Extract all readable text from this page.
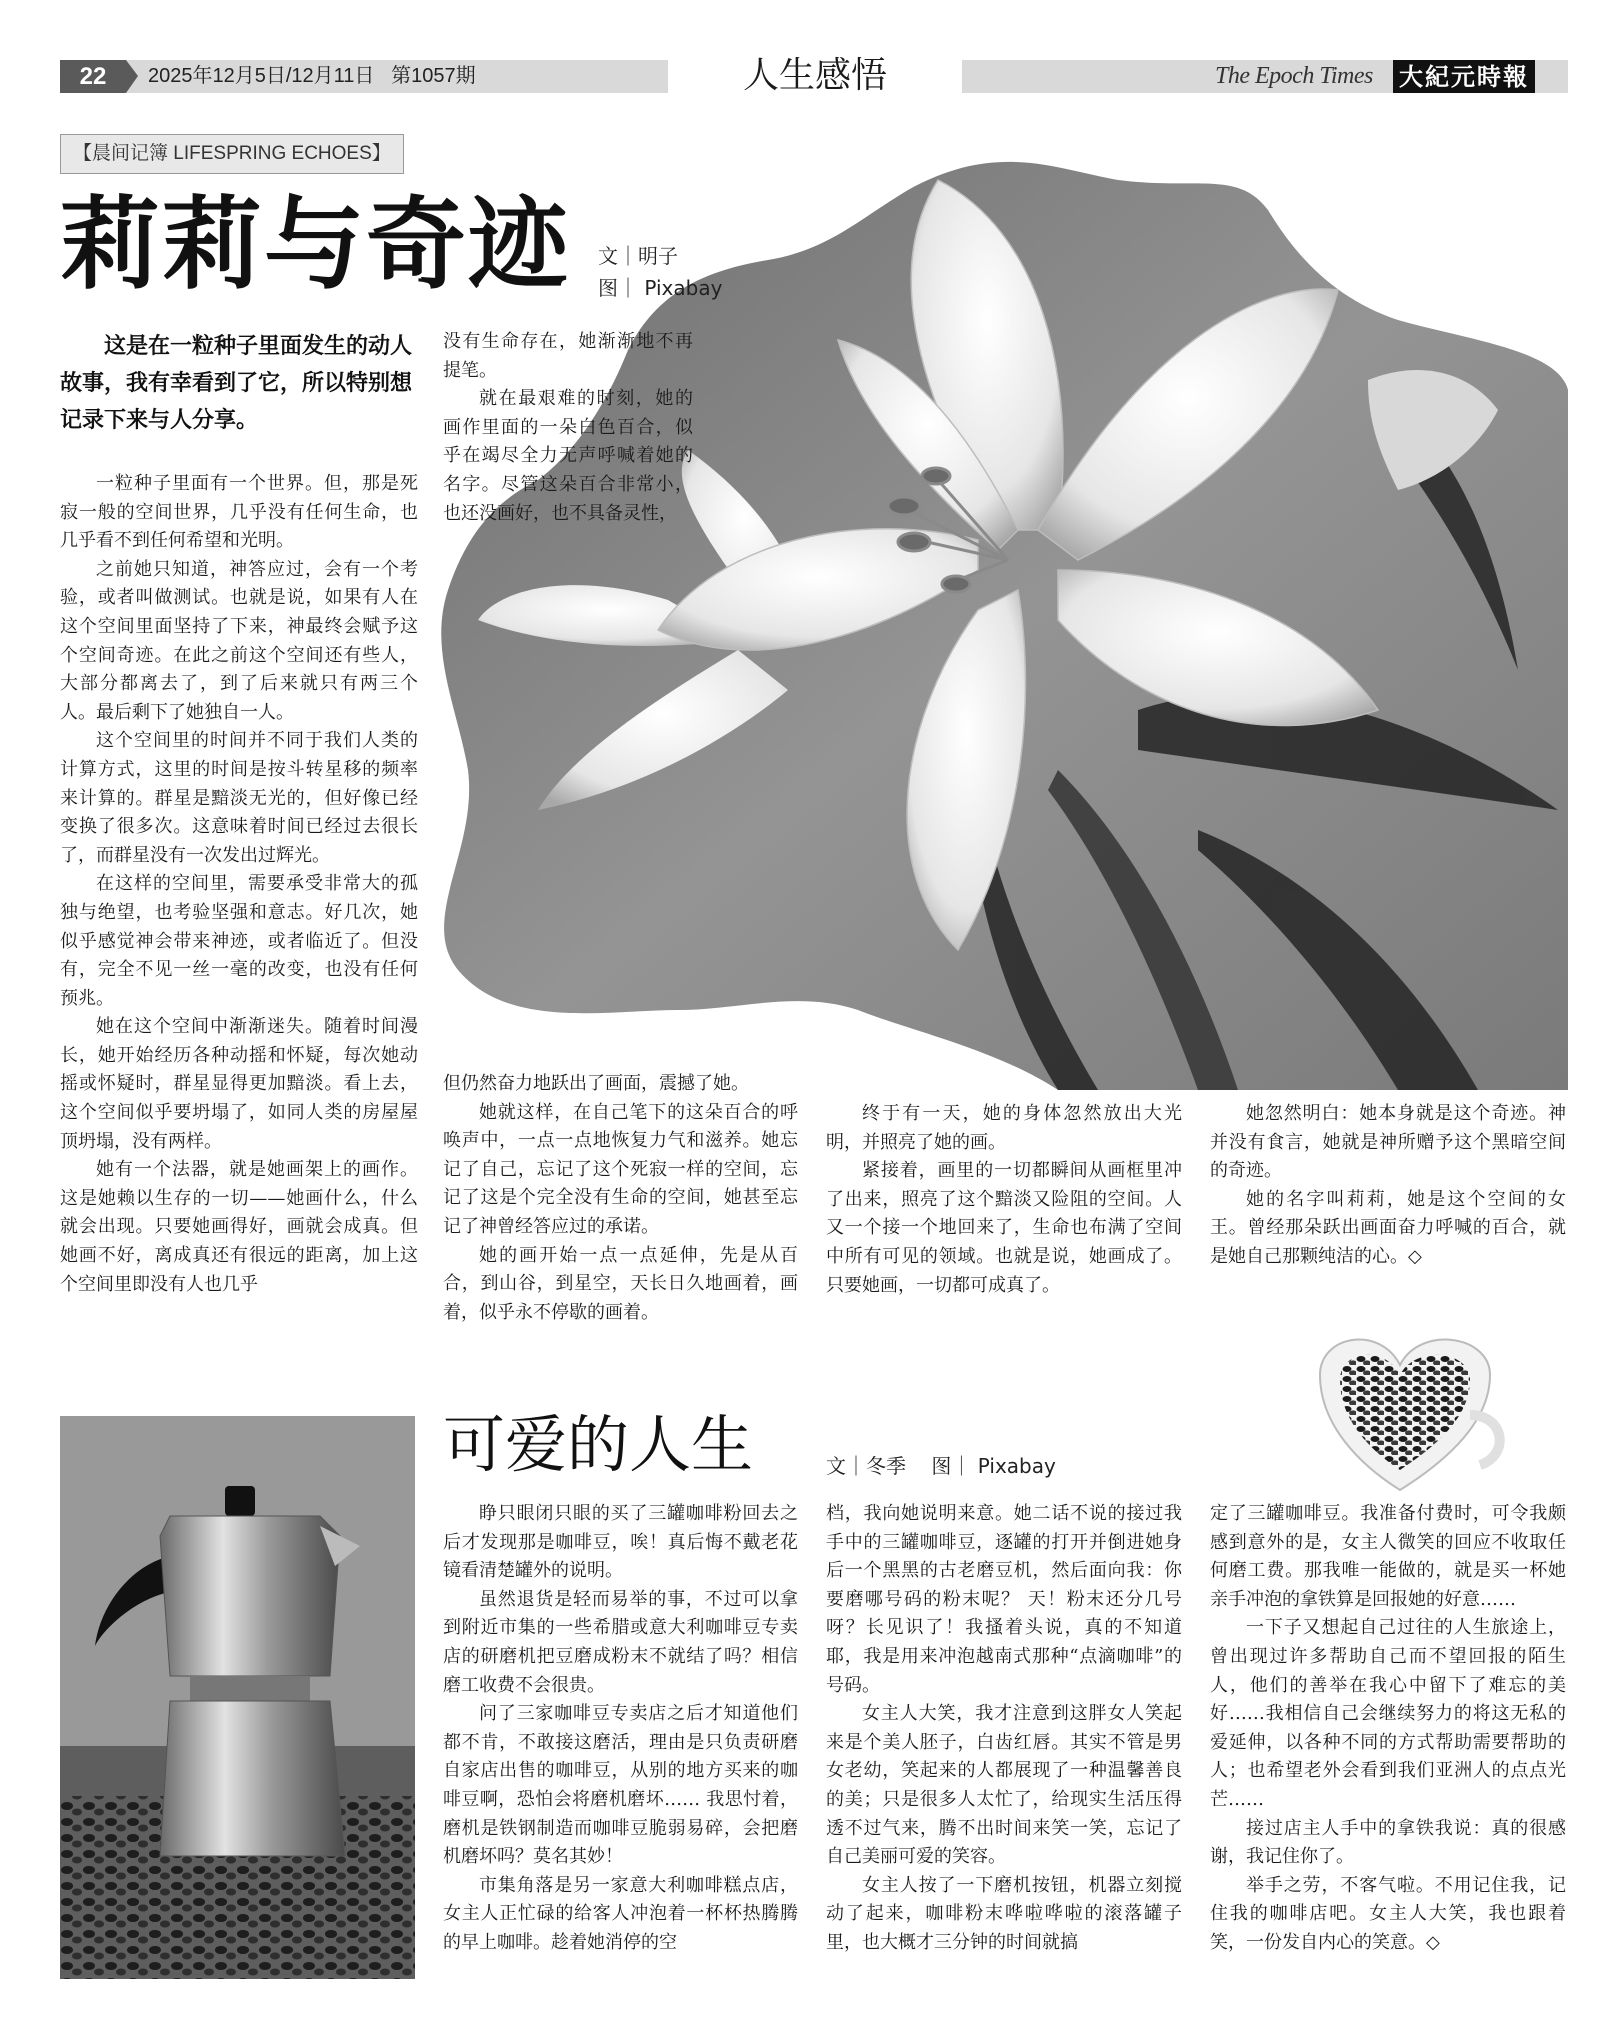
22	2025年12月5日/12月11日   第1057期	人生感悟	The Epoch Times 大紀元時報
【晨间记簿 LIFESPRING ECHOES】
莉莉与奇迹 文｜明子
图｜ Pixabay
这是在一粒种子里面发生的动人故事，我有幸看到了它，所以特别想记录下来与人分享。

一粒种子里面有一个世界。但，那是死寂一般的空间世界，几乎没有任何生命，也几乎看不到任何希望和光明。

之前她只知道，神答应过，会有一个考验，或者叫做测试。也就是说，如果有人在这个空间里面坚持了下来，神最终会赋予这个空间奇迹。在此之前这个空间还有些人，大部分都离去了，到了后来就只有两三个人。最后剩下了她独自一人。

这个空间里的时间并不同于我们人类的计算方式，这里的时间是按斗转星移的频率来计算的。群星是黯淡无光的，但好像已经变换了很多次。这意味着时间已经过去很长了，而群星没有一次发出过辉光。

在这样的空间里，需要承受非常大的孤独与绝望，也考验坚强和意志。好几次，她似乎感觉神会带来神迹，或者临近了。但没有，完全不见一丝一毫的改变，也没有任何预兆。

她在这个空间中渐渐迷失。随着时间漫长，她开始经历各种动摇和怀疑，每次她动摇或怀疑时，群星显得更加黯淡。看上去，这个空间似乎要坍塌了，如同人类的房屋屋顶坍塌，没有两样。

她有一个法器，就是她画架上的画作。这是她赖以生存的一切——她画什么，什么就会出现。只要她画得好，画就会成真。但她画不好，离成真还有很远的距离，加上这个空间里即没有人也几乎

没有生命存在，她渐渐地不再提笔。

就在最艰难的时刻，她的画作里面的一朵白色百合，似乎在竭尽全力无声呼喊着她的名字。尽管这朵百合非常小，也还没画好，也不具备灵性，

但仍然奋力地跃出了画面，震撼了她。

她就这样，在自己笔下的这朵百合的呼唤声中，一点一点地恢复力气和滋养。她忘记了自己，忘记了这个死寂一样的空间，忘记了这是个完全没有生命的空间，她甚至忘记了神曾经答应过的承诺。

她的画开始一点一点延伸，先是从百合，到山谷，到星空，天长日久地画着，画着，似乎永不停歇的画着。

终于有一天，她的身体忽然放出大光明，并照亮了她的画。

紧接着，画里的一切都瞬间从画框里冲了出来，照亮了这个黯淡又险阻的空间。人又一个接一个地回来了，生命也布满了空间中所有可见的领域。也就是说，她画成了。只要她画，一切都可成真了。

她忽然明白：她本身就是这个奇迹。神并没有食言，她就是神所赠予这个黑暗空间的奇迹。

她的名字叫莉莉，她是这个空间的女王。曾经那朵跃出画面奋力呼喊的百合，就是她自己那颗纯洁的心。◇

可爱的人生	文｜冬季    图｜ Pixabay

睁只眼闭只眼的买了三罐咖啡粉回去之后才发现那是咖啡豆，唉！真后悔不戴老花镜看清楚罐外的说明。

虽然退货是轻而易举的事，不过可以拿到附近市集的一些希腊或意大利咖啡豆专卖店的研磨机把豆磨成粉末不就结了吗？相信磨工收费不会很贵。

问了三家咖啡豆专卖店之后才知道他们都不肯，不敢接这磨活，理由是只负责研磨自家店出售的咖啡豆，从别的地方买来的咖啡豆啊，恐怕会将磨机磨坏…… 我思忖着，磨机是铁钢制造而咖啡豆脆弱易碎，会把磨机磨坏吗？莫名其妙！

市集角落是另一家意大利咖啡糕点店，女主人正忙碌的给客人冲泡着一杯杯热腾腾的早上咖啡。趁着她消停的空

档，我向她说明来意。她二话不说的接过我手中的三罐咖啡豆，逐罐的打开并倒进她身后一个黑黑的古老磨豆机，然后面向我：你要磨哪号码的粉末呢？ 天！粉末还分几号呀？长见识了！我搔着头说，真的不知道耶，我是用来冲泡越南式那种“点滴咖啡”的号码。

女主人大笑，我才注意到这胖女人笑起来是个美人胚子，白齿红唇。其实不管是男女老幼，笑起来的人都展现了一种温馨善良的美；只是很多人太忙了，给现实生活压得透不过气来，腾不出时间来笑一笑，忘记了自己美丽可爱的笑容。

女主人按了一下磨机按钮，机器立刻搅动了起来，咖啡粉末哗啦哗啦的滚落罐子里，也大概才三分钟的时间就搞

定了三罐咖啡豆。我准备付费时，可令我颇感到意外的是，女主人微笑的回应不收取任何磨工费。那我唯一能做的，就是买一杯她亲手冲泡的拿铁算是回报她的好意……

一下子又想起自己过往的人生旅途上，曾出现过许多帮助自己而不望回报的陌生人，他们的善举在我心中留下了难忘的美好……我相信自己会继续努力的将这无私的爱延伸，以各种不同的方式帮助需要帮助的人；也希望老外会看到我们亚洲人的点点光芒……

接过店主人手中的拿铁我说：真的很感谢，我记住你了。

举手之劳，不客气啦。不用记住我，记住我的咖啡店吧。女主人大笑，我也跟着笑，一份发自内心的笑意。◇
